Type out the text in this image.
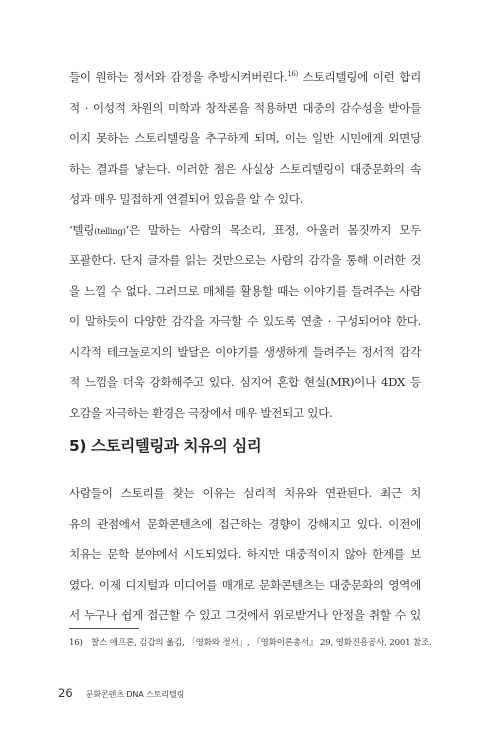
들이 원하는 정서와 감정을 추방시켜버린다.$^{16)}$ 스토리텔링에 이런 합리
적 · 이성적 차원의 미학과 창작론을 적용하면 대중의 감수성을 받아들
이지 못하는 스토리텔링을 추구하게 되며, 이는 일반 시민에게 외면당
하는 결과를 낳는다. 이러한 점은 사실상 스토리텔링이 대중문화의 속
성과 매우 밀접하게 연결되어 있음을 알 수 있다.
‘텔링(telling)’은 말하는 사람의 목소리, 표정, 아울러 몸짓까지 모두
포괄한다. 단지 글자를 읽는 것만으로는 사람의 감각을 통해 이러한 것
을 느낄 수 없다. 그러므로 매체를 활용할 때는 이야기를 들려주는 사람
이 말하듯이 다양한 감각을 자극할 수 있도록 연출 · 구성되어야 한다.
시각적 테크놀로지의 발달은 이야기를 생생하게 들려주는 정서적 감각
적 느낌을 더욱 강화해주고 있다. 심지어 혼합 현실(MR)이나 4DX 등
오감을 자극하는 환경은 극장에서 매우 발전되고 있다.
5) 스토리텔링과 치유의 심리
사람들이 스토리를 찾는 이유는 심리적 치유와 연관된다. 최근 치
유의 관점에서 문화콘텐츠에 접근하는 경향이 강해지고 있다. 이전에
치유는 문학 분야에서 시도되었다. 하지만 대중적이지 않아 한계를 보
였다. 이제 디지털과 미디어를 매개로 문화콘텐츠는 대중문화의 영역에
서 누구나 쉽게 접근할 수 있고 그것에서 위로받거나 안정을 취할 수 있
16) 찰스 애프론, 김갑의 옮김, 「영화와 정서」, 『영화이론총서』 29, 영화진흥공사, 2001 참조.
26 문화콘텐츠 DNA 스토리텔링
